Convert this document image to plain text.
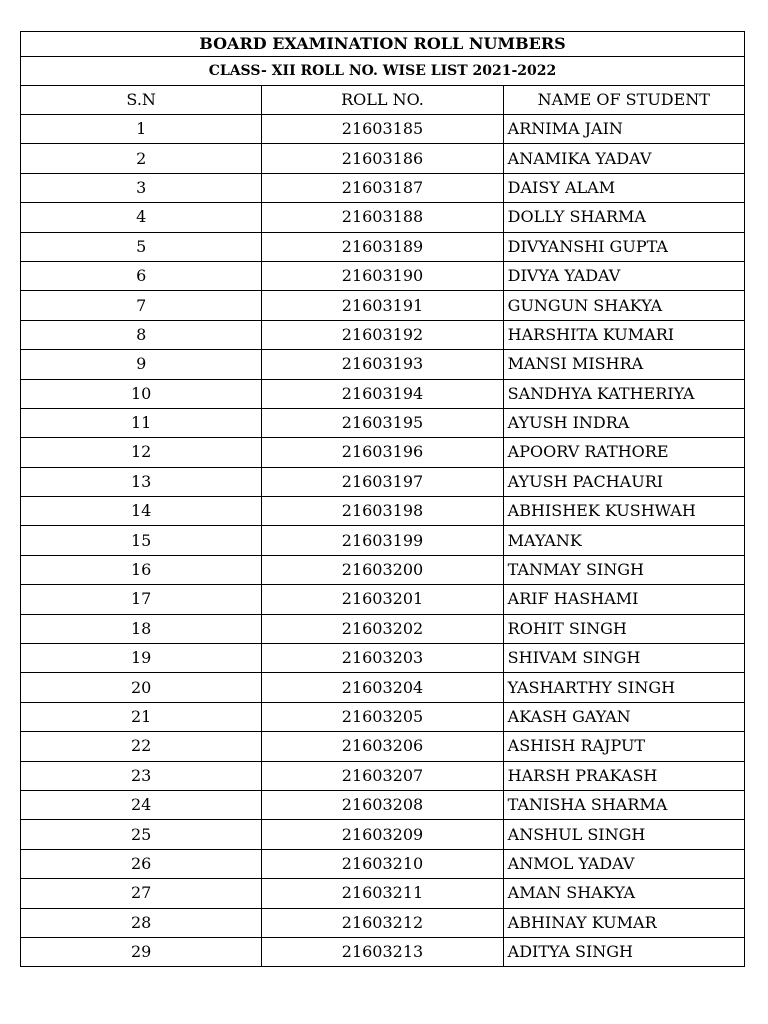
BOARD EXAMINATION ROLL NUMBERS		
CLASS- XII ROLL NO. WISE LIST 2021-2022		
S.N	ROLL NO.	NAME OF STUDENT
1	21603185	ARNIMA JAIN
2	21603186	ANAMIKA YADAV
3	21603187	DAISY ALAM
4	21603188	DOLLY SHARMA
5	21603189	DIVYANSHI GUPTA
6	21603190	DIVYA YADAV
7	21603191	GUNGUN SHAKYA
8	21603192	HARSHITA KUMARI
9	21603193	MANSI MISHRA
10	21603194	SANDHYA KATHERIYA
11	21603195	AYUSH INDRA
12	21603196	APOORV RATHORE
13	21603197	AYUSH PACHAURI
14	21603198	ABHISHEK KUSHWAH
15	21603199	MAYANK
16	21603200	TANMAY SINGH
17	21603201	ARIF HASHAMI
18	21603202	ROHIT SINGH
19	21603203	SHIVAM SINGH
20	21603204	YASHARTHY SINGH
21	21603205	AKASH GAYAN
22	21603206	ASHISH RAJPUT
23	21603207	HARSH PRAKASH
24	21603208	TANISHA SHARMA
25	21603209	ANSHUL SINGH
26	21603210	ANMOL YADAV
27	21603211	AMAN SHAKYA
28	21603212	ABHINAY KUMAR
29	21603213	ADITYA SINGH
